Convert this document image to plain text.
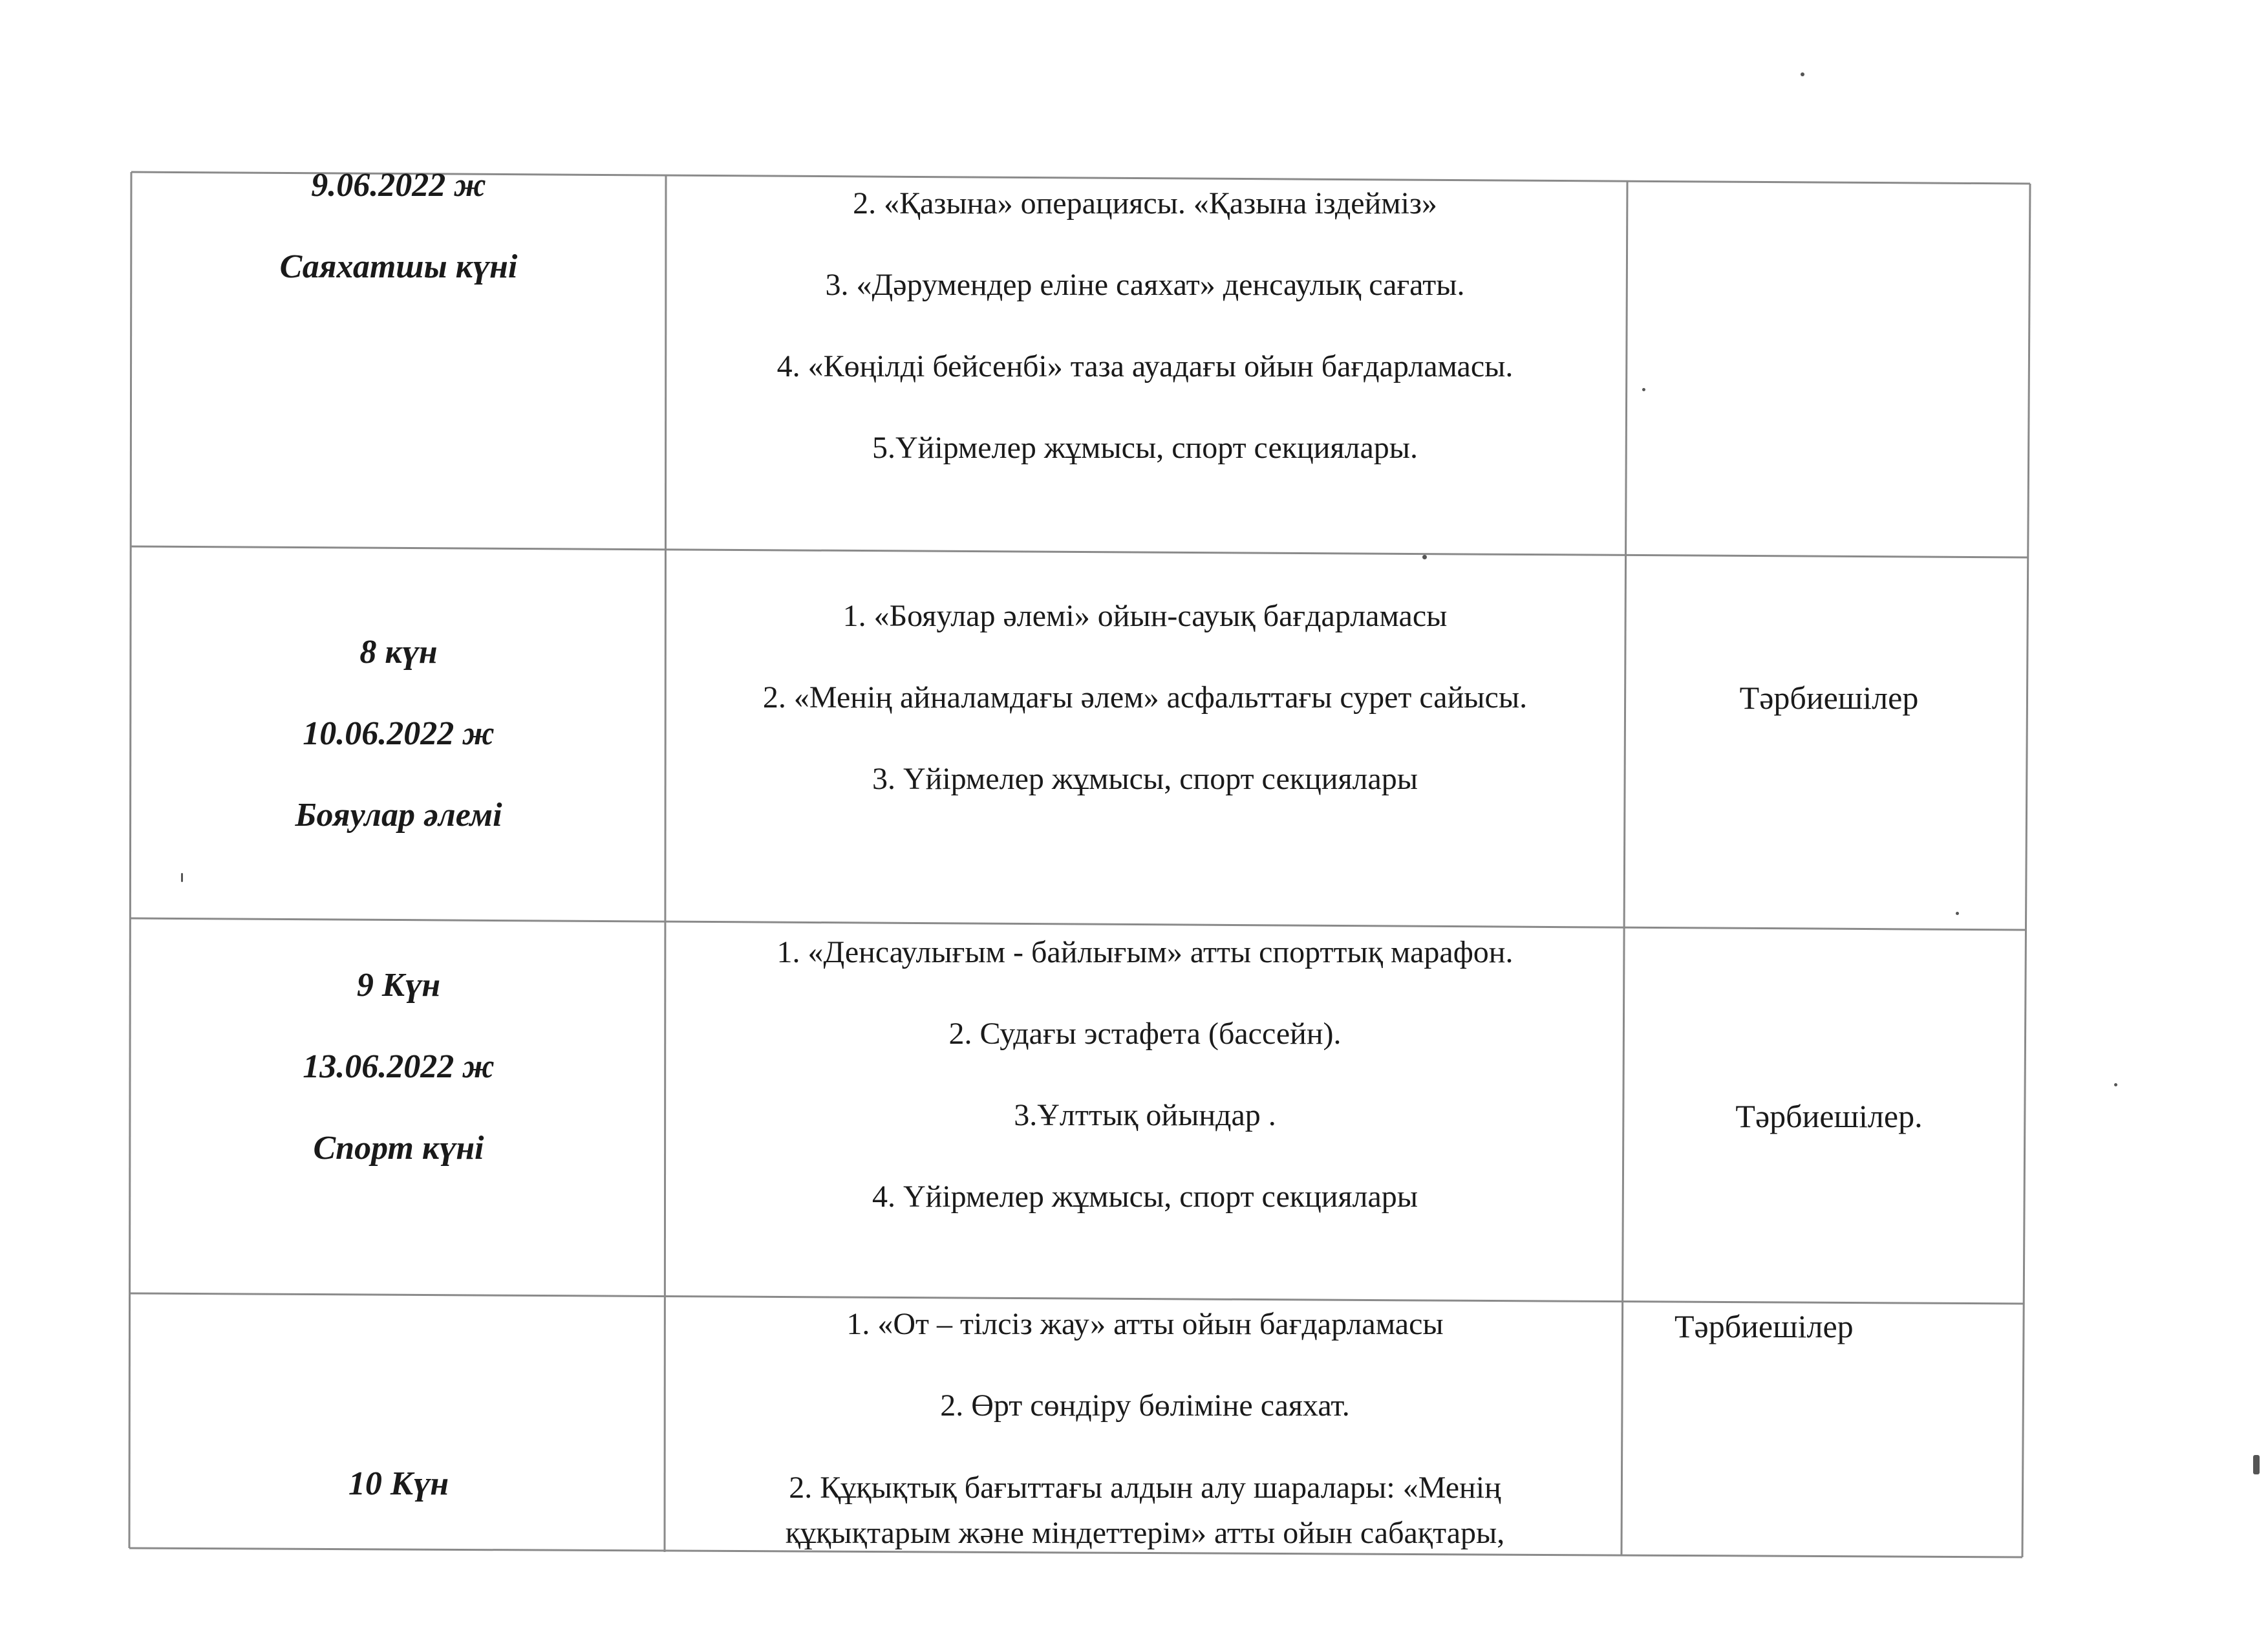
9.06.2022 ж
Саяхатшы күні
2. «Қазына» операциясы. «Қазына іздейміз»
3. «Дәрумендер еліне саяхат» денсаулық сағаты.
4. «Көңілді бейсенбі» таза ауадағы ойын бағдарламасы.
5.Үйірмелер жұмысы, спорт секциялары.
8 күн
10.06.2022 ж
Бояулар әлемі
1. «Бояулар әлемі» ойын-сауық бағдарламасы
2. «Менің айналамдағы әлем» асфальттағы сурет сайысы.
3. Үйірмелер жұмысы, спорт секциялары
Тәрбиешілер
9 Күн
13.06.2022 ж
Спорт күні
1. «Денсаулығым - байлығым» атты спорттық марафон.
2. Судағы эстафета (бассейн).
3.Ұлттық ойындар .
4. Үйірмелер жұмысы, спорт секциялары
Тәрбиешілер.
10 Күн
1. «От – тілсіз жау» атты ойын бағдарламасы
2. Өрт сөндіру бөліміне саяхат.
2. Құқықтық бағыттағы алдын алу шаралары: «Менің
құқықтарым және міндеттерім» атты ойын сабақтары,
Тәрбиешілер
